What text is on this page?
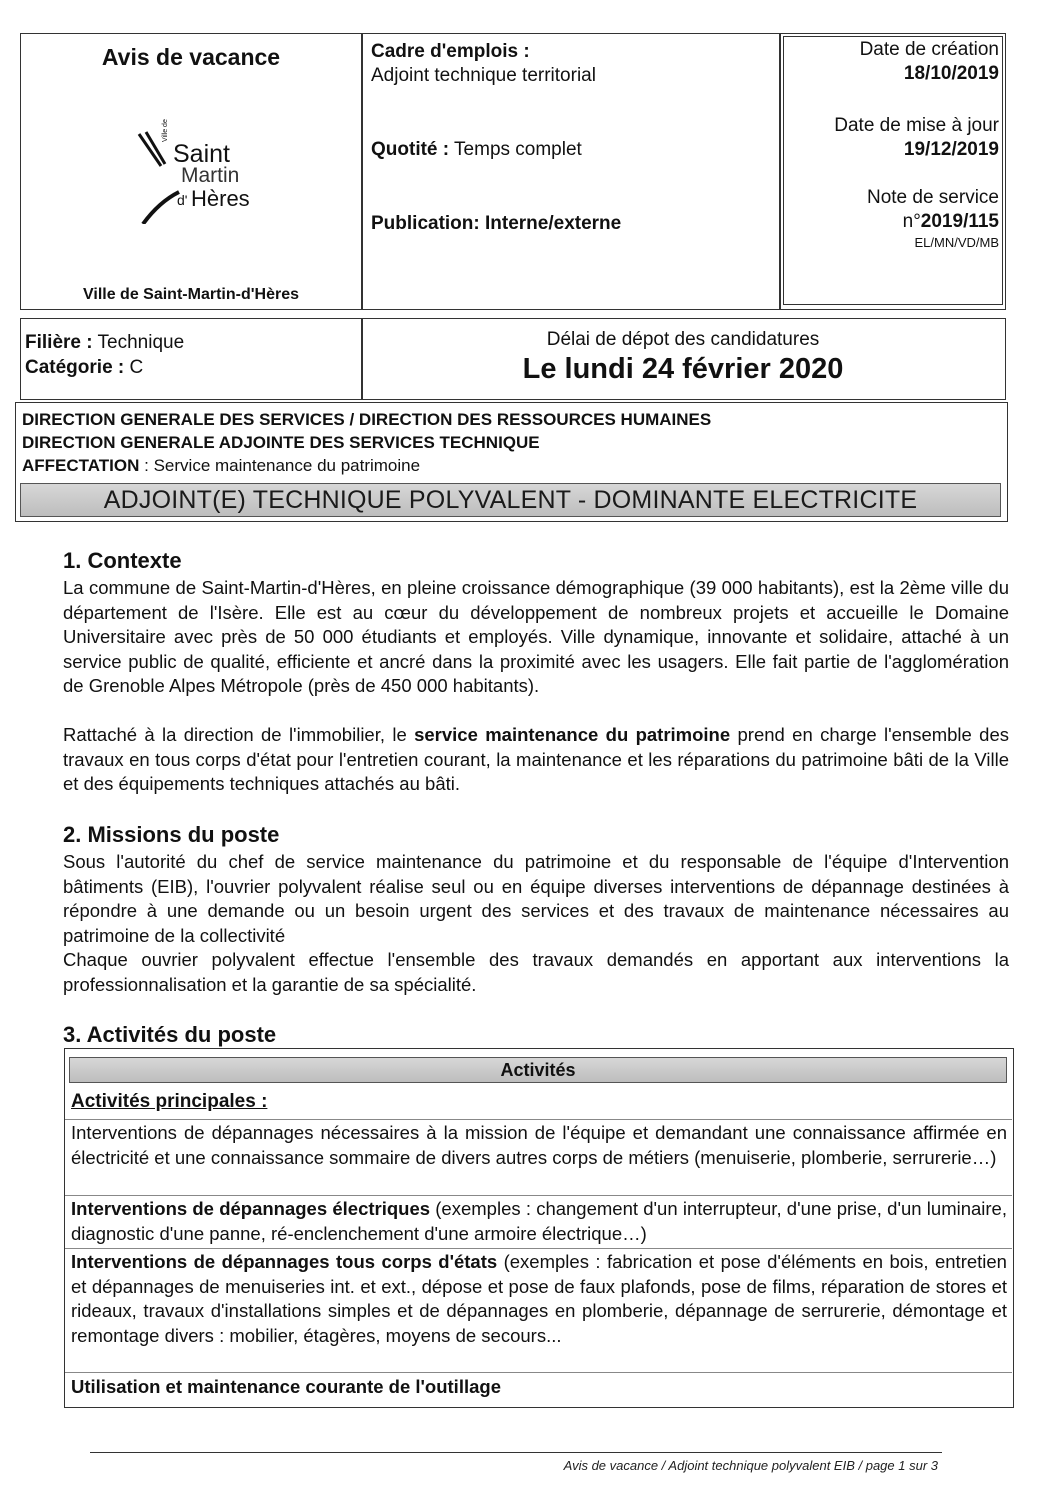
Avis de vacance
Ville de
Saint
Martin
d' Hères
Ville de Saint-Martin-d'Hères
Cadre d'emplois :
Adjoint technique territorial
Quotité : Temps complet
Publication: Interne/externe
Date de création
18/10/2019
Date de mise à jour
19/12/2019
Note de service
n°2019/115
EL/MN/VD/MB
Filière : Technique
Catégorie : C
Délai de dépot des candidatures
Le lundi 24 février 2020
DIRECTION GENERALE DES SERVICES / DIRECTION DES RESSOURCES HUMAINES
DIRECTION GENERALE ADJOINTE DES SERVICES TECHNIQUE
AFFECTATION : Service maintenance du patrimoine
ADJOINT(E) TECHNIQUE POLYVALENT - DOMINANTE ELECTRICITE
1. Contexte
La commune de Saint-Martin-d'Hères, en pleine croissance démographique (39 000 habitants), est la 2ème ville du département de l'Isère. Elle est au cœur du développement de nombreux projets et accueille le Domaine Universitaire avec près de 50 000 étudiants et employés. Ville dynamique, innovante et solidaire, attaché à un service public de qualité, efficiente et ancré dans la proximité avec les usagers. Elle fait partie de l'agglomération de Grenoble Alpes Métropole (près de 450 000 habitants).
Rattaché à la direction de l'immobilier, le service maintenance du patrimoine prend en charge l'ensemble des travaux en tous corps d'état pour l'entretien courant, la maintenance et les réparations du patrimoine bâti de la Ville et des équipements techniques attachés au bâti.
2. Missions du poste
Sous l'autorité du chef de service maintenance du patrimoine et du responsable de l'équipe d'Intervention bâtiments (EIB), l'ouvrier polyvalent réalise seul ou en équipe diverses interventions de dépannage destinées à répondre à une demande ou un besoin urgent des services et des travaux de maintenance nécessaires au patrimoine de la collectivité
Chaque ouvrier polyvalent effectue l'ensemble des travaux demandés en apportant aux interventions la professionnalisation et la garantie de sa spécialité.
3. Activités du poste
Activités
Activités principales :
Interventions de dépannages nécessaires à la mission de l'équipe et demandant une connaissance affirmée en électricité et une connaissance sommaire de divers autres corps de métiers (menuiserie, plomberie, serrurerie…)
Interventions de dépannages électriques (exemples : changement d'un interrupteur, d'une prise, d'un luminaire, diagnostic d'une panne, ré-enclenchement d'une armoire électrique…)
Interventions de dépannages tous corps d'états (exemples : fabrication et pose d'éléments en bois, entretien et dépannages de menuiseries int. et ext., dépose et pose de faux plafonds, pose de films, réparation de stores et rideaux, travaux d'installations simples et de dépannages en plomberie, dépannage de serrurerie, démontage et remontage divers : mobilier, étagères, moyens de secours...
Utilisation et maintenance courante de l'outillage
Avis de vacance / Adjoint technique polyvalent EIB / page 1 sur 3
